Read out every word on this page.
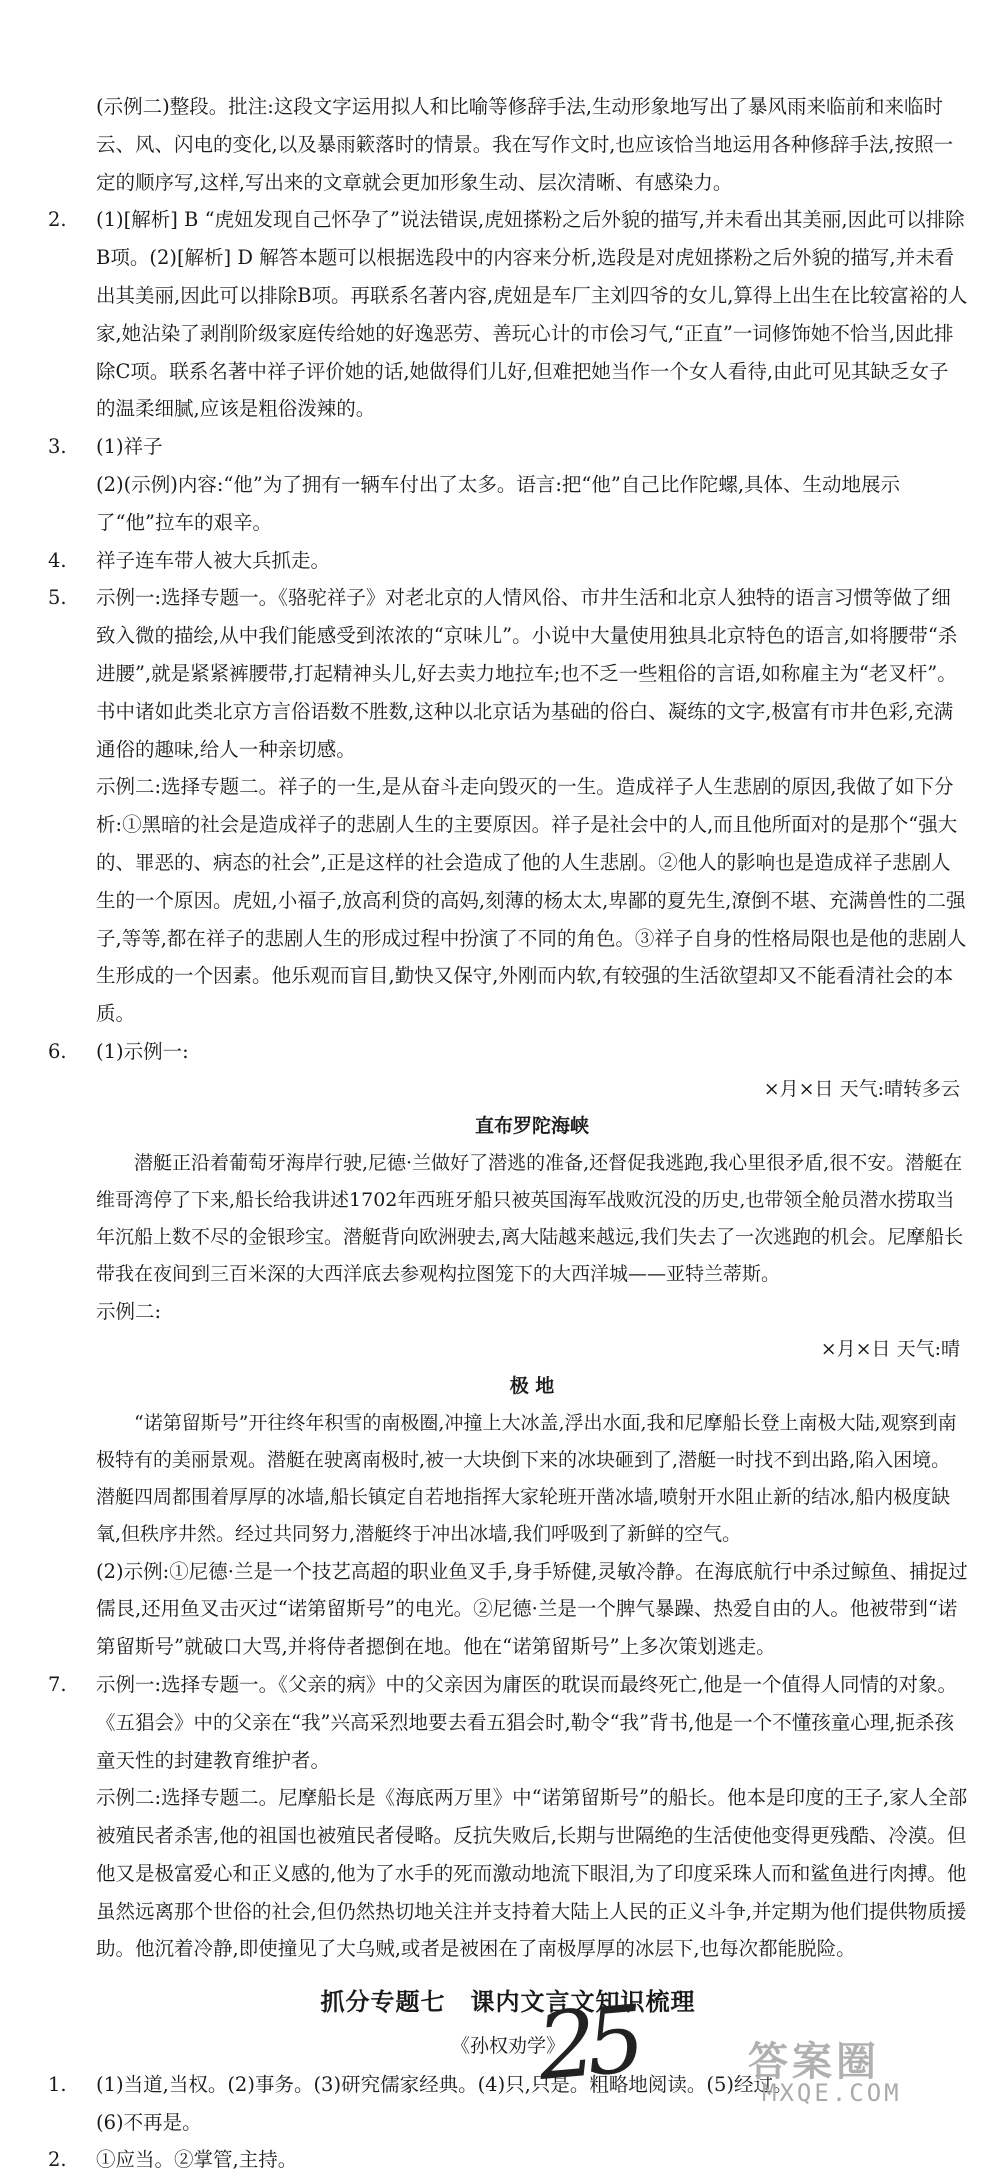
(示例二)整段。批注:这段文字运用拟人和比喻等修辞手法,生动形象地写出了暴风雨来临前和来临时云、风、闪电的变化,以及暴雨簌落时的情景。我在写作文时,也应该恰当地运用各种修辞手法,按照一定的顺序写,这样,写出来的文章就会更加形象生动、层次清晰、有感染力。

2. (1)[解析] B “虎妞发现自己怀孕了”说法错误,虎妞搽粉之后外貌的描写,并未看出其美丽,因此可以排除B项。(2)[解析] D 解答本题可以根据选段中的内容来分析,选段是对虎妞搽粉之后外貌的描写,并未看出其美丽,因此可以排除B项。再联系名著内容,虎妞是车厂主刘四爷的女儿,算得上出生在比较富裕的人家,她沾染了剥削阶级家庭传给她的好逸恶劳、善玩心计的市侩习气,“正直”一词修饰她不恰当,因此排除C项。联系名著中祥子评价她的话,她做得们儿好,但难把她当作一个女人看待,由此可见其缺乏女子的温柔细腻,应该是粗俗泼辣的。

3. (1)祥子

(2)(示例)内容:“他”为了拥有一辆车付出了太多。语言:把“他”自己比作陀螺,具体、生动地展示了“他”拉车的艰辛。

4. 祥子连车带人被大兵抓走。

5. 示例一:选择专题一。《骆驼祥子》对老北京的人情风俗、市井生活和北京人独特的语言习惯等做了细致入微的描绘,从中我们能感受到浓浓的“京味儿”。小说中大量使用独具北京特色的语言,如将腰带“杀进腰”,就是紧紧裤腰带,打起精神头儿,好去卖力地拉车;也不乏一些粗俗的言语,如称雇主为“老叉杆”。书中诸如此类北京方言俗语数不胜数,这种以北京话为基础的俗白、凝练的文字,极富有市井色彩,充满通俗的趣味,给人一种亲切感。

示例二:选择专题二。祥子的一生,是从奋斗走向毁灭的一生。造成祥子人生悲剧的原因,我做了如下分析:①黑暗的社会是造成祥子的悲剧人生的主要原因。祥子是社会中的人,而且他所面对的是那个“强大的、罪恶的、病态的社会”,正是这样的社会造成了他的人生悲剧。②他人的影响也是造成祥子悲剧人生的一个原因。虎妞,小福子,放高利贷的高妈,刻薄的杨太太,卑鄙的夏先生,潦倒不堪、充满兽性的二强子,等等,都在祥子的悲剧人生的形成过程中扮演了不同的角色。③祥子自身的性格局限也是他的悲剧人生形成的一个因素。他乐观而盲目,勤快又保守,外刚而内软,有较强的生活欲望却又不能看清社会的本质。

6. (1)示例一:

×月×日 天气:晴转多云
直布罗陀海峡

潜艇正沿着葡萄牙海岸行驶,尼德·兰做好了潜逃的准备,还督促我逃跑,我心里很矛盾,很不安。潜艇在维哥湾停了下来,船长给我讲述1702年西班牙船只被英国海军战败沉没的历史,也带领全舱员潜水捞取当年沉船上数不尽的金银珍宝。潜艇背向欧洲驶去,离大陆越来越远,我们失去了一次逃跑的机会。尼摩船长带我在夜间到三百米深的大西洋底去参观构拉图笼下的大西洋城——亚特兰蒂斯。

示例二:

×月×日 天气:晴
极 地

“诺第留斯号”开往终年积雪的南极圈,冲撞上大冰盖,浮出水面,我和尼摩船长登上南极大陆,观察到南极特有的美丽景观。潜艇在驶离南极时,被一大块倒下来的冰块砸到了,潜艇一时找不到出路,陷入困境。潜艇四周都围着厚厚的冰墙,船长镇定自若地指挥大家轮班开凿冰墙,喷射开水阻止新的结冰,船内极度缺氧,但秩序井然。经过共同努力,潜艇终于冲出冰墙,我们呼吸到了新鲜的空气。

(2)示例:①尼德·兰是一个技艺高超的职业鱼叉手,身手矫健,灵敏冷静。在海底航行中杀过鲸鱼、捕捉过儒艮,还用鱼叉击灭过“诺第留斯号”的电光。②尼德·兰是一个脾气暴躁、热爱自由的人。他被带到“诺第留斯号”就破口大骂,并将侍者摁倒在地。他在“诺第留斯号”上多次策划逃走。

7. 示例一:选择专题一。《父亲的病》中的父亲因为庸医的耽误而最终死亡,他是一个值得人同情的对象。《五猖会》中的父亲在“我”兴高采烈地要去看五猖会时,勒令“我”背书,他是一个不懂孩童心理,扼杀孩童天性的封建教育维护者。

示例二:选择专题二。尼摩船长是《海底两万里》中“诺第留斯号”的船长。他本是印度的王子,家人全部被殖民者杀害,他的祖国也被殖民者侵略。反抗失败后,长期与世隔绝的生活使他变得更残酷、冷漠。但他又是极富爱心和正义感的,他为了水手的死而激动地流下眼泪,为了印度采珠人而和鲨鱼进行肉搏。他虽然远离那个世俗的社会,但仍然热切地关注并支持着大陆上人民的正义斗争,并定期为他们提供物质援助。他沉着冷静,即使撞见了大乌贼,或者是被困在了南极厚厚的冰层下,也每次都能脱险。

抓分专题七　课内文言文知识梳理
《孙权劝学》
1. (1)当道,当权。(2)事务。(3)研究儒家经典。(4)只,只是。粗略地阅读。(5)经过。

(6)不再是。

2. ①应当。②掌管,主持。

25	答案圈
MXQE.COM
